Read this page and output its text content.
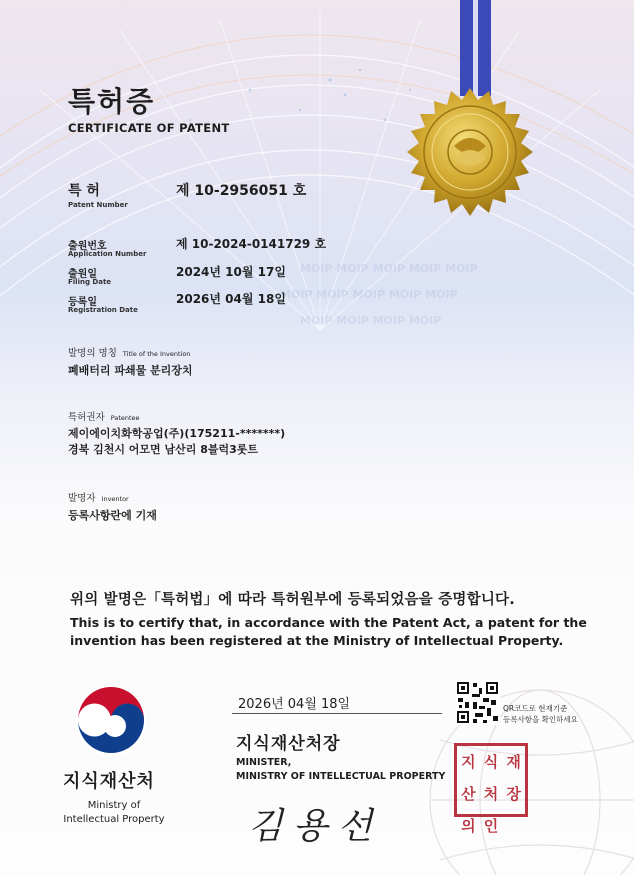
MOIP MOIP MOIP MOIP MOIP
MOIP MOIP MOIP MOIP MOIP
MOIP MOIP MOIP MOIP
특허증
CERTIFICATE OF PATENT
특 허
Patent Number
제 10-2956051 호
출원번호
Application Number
제 10-2024-0141729 호
출원일
Filing Date
2024년 10월 17일
등록일
Registration Date
2026년 04월 18일
발명의 명칭 Title of the Invention
폐배터리 파쇄물 분리장치
특허권자 Patentee
제이에이치화학공업(주)(175211-*******)
경북 김천시 어모면 남산리 8블럭3롯트
발명자 Inventor
등록사항란에 기재
위의 발명은「특허법」에 따라 특허원부에 등록되었음을 증명합니다.
This is to certify that, in accordance with the Patent Act, a patent for the
invention has been registered at the Ministry of Intellectual Property.
2026년 04월 18일	QR코드로 현재기준
등록사항을 확인하세요
지식재산처장
MINISTER,
MINISTRY OF INTELLECTUAL PROPERTY
지식재산처
Ministry of
Intellectual Property 김용선
지 식 재
산 처 장
의 인
